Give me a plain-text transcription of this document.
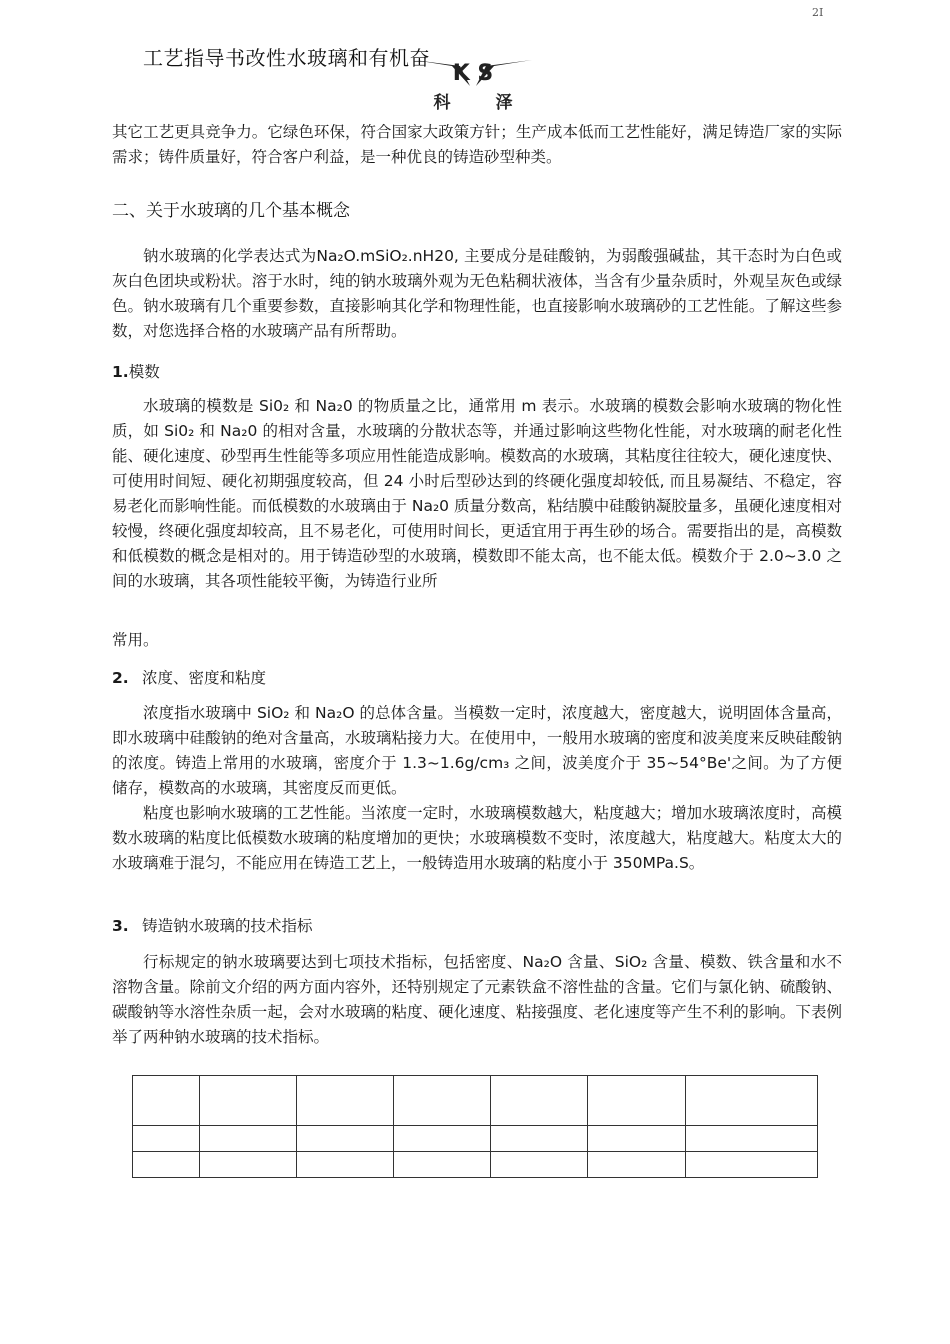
2I
工艺指导书改性水玻璃和有机奋
K S
科	泽

其它工艺更具竞争力。它绿色环保，符合国家大政策方针；生产成本低而工艺性能好，满足铸造厂家的实际需求；铸件质量好，符合客户利益，是一种优良的铸造砂型种类。

二、关于水玻璃的几个基本概念

钠水玻璃的化学表达式为Na₂O.mSiO₂.nH20, 主要成分是硅酸钠，为弱酸强碱盐，其干态时为白色或灰白色团块或粉状。溶于水时，纯的钠水玻璃外观为无色粘稠状液体，当含有少量杂质时，外观呈灰色或绿色。钠水玻璃有几个重要参数，直接影响其化学和物理性能，也直接影响水玻璃砂的工艺性能。了解这些参数，对您选择合格的水玻璃产品有所帮助。

1.模数

水玻璃的模数是 Si0₂ 和 Na₂0 的物质量之比，通常用 m 表示。水玻璃的模数会影响水玻璃的物化性质，如 Si0₂ 和 Na₂0 的相对含量，水玻璃的分散状态等，并通过影响这些物化性能，对水玻璃的耐老化性能、硬化速度、砂型再生性能等多项应用性能造成影响。模数高的水玻璃，其粘度往往较大，硬化速度快、可使用时间短、硬化初期强度较高，但 24 小时后型砂达到的终硬化强度却较低, 而且易凝结、不稳定，容易老化而影响性能。而低模数的水玻璃由于 Na₂0 质量分数高，粘结膜中硅酸钠凝胶量多，虽硬化速度相对较慢，终硬化强度却较高，且不易老化，可使用时间长，更适宜用于再生砂的场合。需要指出的是，高模数和低模数的概念是相对的。用于铸造砂型的水玻璃，模数即不能太高，也不能太低。模数介于 2.0~3.0 之间的水玻璃，其各项性能较平衡，为铸造行业所

常用。

2. 浓度、密度和粘度

浓度指水玻璃中 SiO₂ 和 Na₂O 的总体含量。当模数一定时，浓度越大，密度越大，说明固体含量高，即水玻璃中硅酸钠的绝对含量高，水玻璃粘接力大。在使用中，一般用水玻璃的密度和波美度来反映硅酸钠的浓度。铸造上常用的水玻璃，密度介于 1.3~1.6g/cm₃ 之间，波美度介于 35~54°Be'之间。为了方便储存，模数高的水玻璃，其密度反而更低。

粘度也影响水玻璃的工艺性能。当浓度一定时，水玻璃模数越大，粘度越大；增加水玻璃浓度时，高模数水玻璃的粘度比低模数水玻璃的粘度增加的更快；水玻璃模数不变时，浓度越大，粘度越大。粘度太大的水玻璃难于混匀，不能应用在铸造工艺上，一般铸造用水玻璃的粘度小于 350MPa.S。

3. 铸造钠水玻璃的技术指标

行标规定的钠水玻璃要达到七项技术指标，包括密度、Na₂O 含量、SiO₂ 含量、模数、铁含量和水不溶物含量。除前文介绍的两方面内容外，还特别规定了元素铁盒不溶性盐的含量。它们与氯化钠、硫酸钠、碳酸钠等水溶性杂质一起，会对水玻璃的粘度、硬化速度、粘接强度、老化速度等产生不利的影响。下表例举了两种钠水玻璃的技术指标。
